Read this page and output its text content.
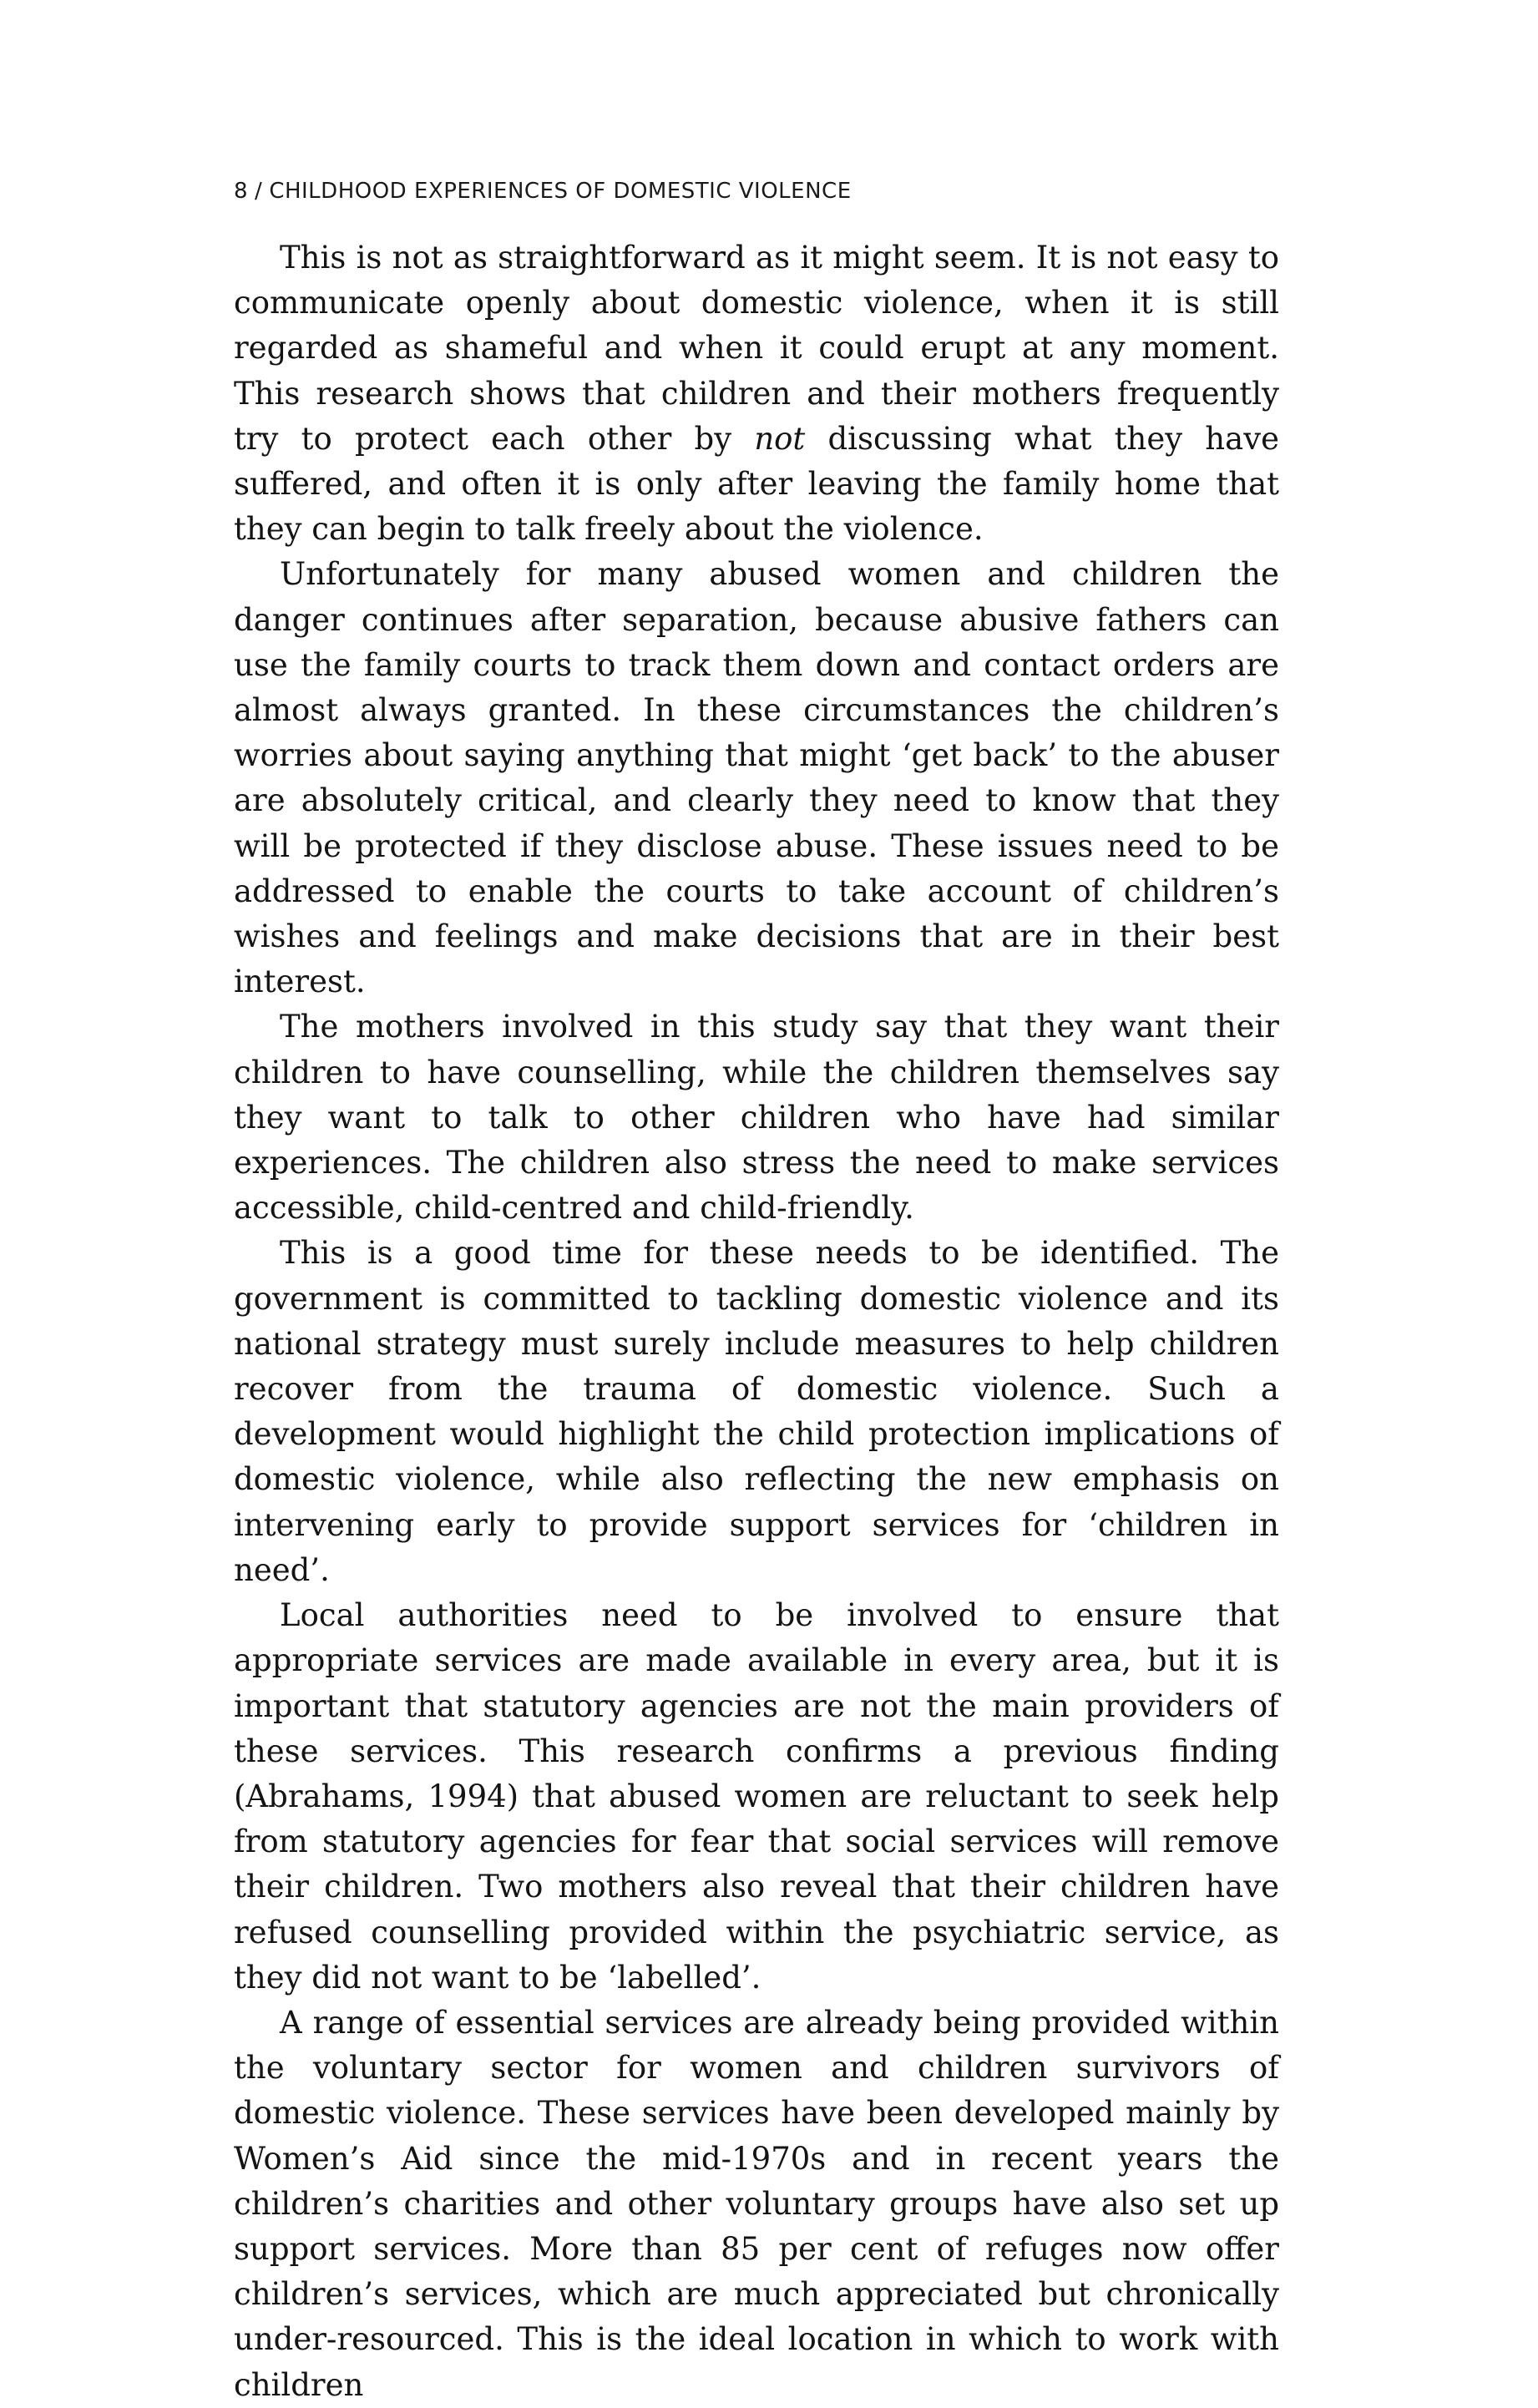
8 / CHILDHOOD EXPERIENCES OF DOMESTIC VIOLENCE

This is not as straightforward as it might seem. It is not easy to communicate openly about domestic violence, when it is still regarded as shameful and when it could erupt at any moment. This research shows that children and their mothers frequently try to protect each other by not discussing what they have suffered, and often it is only after leaving the family home that they can begin to talk freely about the violence.

Unfortunately for many abused women and children the danger continues after separation, because abusive fathers can use the family courts to track them down and contact orders are almost always granted. In these circumstances the children’s worries about saying anything that might ‘get back’ to the abuser are absolutely critical, and clearly they need to know that they will be protected if they disclose abuse. These issues need to be addressed to enable the courts to take account of children’s wishes and feelings and make decisions that are in their best interest.

The mothers involved in this study say that they want their children to have counselling, while the children themselves say they want to talk to other children who have had similar experiences. The children also stress the need to make services accessible, child-centred and child-friendly.

This is a good time for these needs to be identified. The government is committed to tackling domestic violence and its national strategy must surely include measures to help children recover from the trauma of domestic violence. Such a development would highlight the child protection implications of domestic violence, while also reflecting the new emphasis on intervening early to provide support services for ‘children in need’.

Local authorities need to be involved to ensure that appropriate services are made available in every area, but it is important that statutory agencies are not the main providers of these services. This research confirms a previous finding (Abrahams, 1994) that abused women are reluctant to seek help from statutory agencies for fear that social services will remove their children. Two mothers also reveal that their children have refused counselling provided within the psychiatric service, as they did not want to be ‘labelled’.

A range of essential services are already being provided within the voluntary sector for women and children survivors of domestic violence. These services have been developed mainly by Women’s Aid since the mid-1970s and in recent years the children’s charities and other voluntary groups have also set up support services. More than 85 per cent of refuges now offer children’s services, which are much appreciated but chronically under-resourced. This is the ideal location in which to work with children
